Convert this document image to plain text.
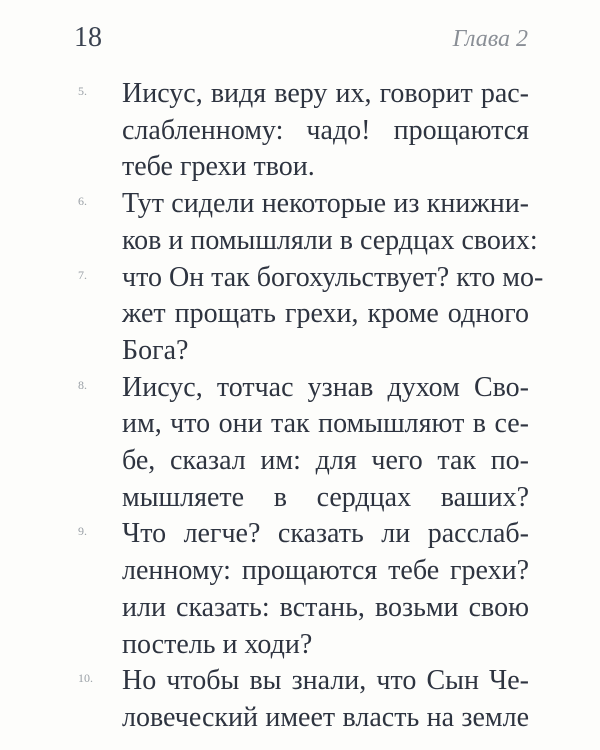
18	Глава 2
5. Иисус, видя веру их, говорит рас-
слабленному: чадо! прощаются
тебе грехи твои.
6. Тут сидели некоторые из книжни-
ков и помышляли в сердцах своих:
7. что Он так богохульствует? кто мо-
жет прощать грехи, кроме одного
Бога?
8. Иисус, тотчас узнав духом Сво-
им, что они так помышляют в се-
бе, сказал им: для чего так по-
мышляете в сердцах ваших?
9. Что легче? сказать ли расслаб-
ленному: прощаются тебе грехи?
или сказать: встань, возьми свою
постель и ходи?
10. Но чтобы вы знали, что Сын Че-
ловеческий имеет власть на земле
